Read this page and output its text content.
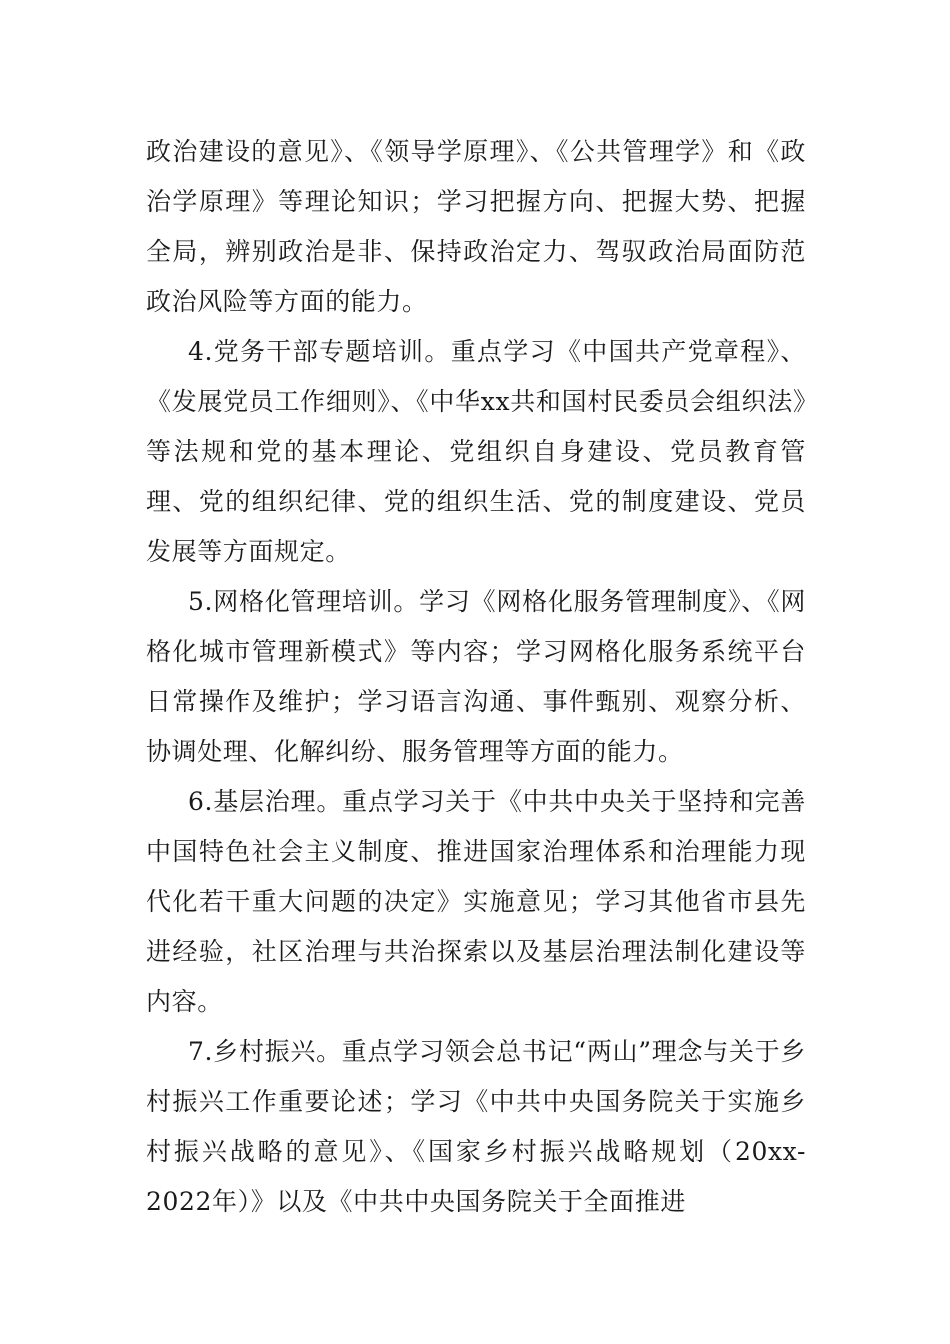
政治建设的意见》、《领导学原理》、《公共管理学》和《政治学原理》等理论知识；学习把握方向、把握大势、把握全局，辨别政治是非、保持政治定力、驾驭政治局面防范政治风险等方面的能力。

4.党务干部专题培训。重点学习《中国共产党章程》、《发展党员工作细则》、《中华xx共和国村民委员会组织法》等法规和党的基本理论、党组织自身建设、党员教育管理、党的组织纪律、党的组织生活、党的制度建设、党员发展等方面规定。

5.网格化管理培训。学习《网格化服务管理制度》、《网格化城市管理新模式》等内容；学习网格化服务系统平台日常操作及维护；学习语言沟通、事件甄别、观察分析、协调处理、化解纠纷、服务管理等方面的能力。

6.基层治理。重点学习关于《中共中央关于坚持和完善中国特色社会主义制度、推进国家治理体系和治理能力现代化若干重大问题的决定》实施意见；学习其他省市县先进经验，社区治理与共治探索以及基层治理法制化建设等内容。

7.乡村振兴。重点学习领会总书记“两山”理念与关于乡村振兴工作重要论述；学习《中共中央国务院关于实施乡村振兴战略的意见》、《国家乡村振兴战略规划（20xx-2022年）》以及《中共中央国务院关于全面推进
